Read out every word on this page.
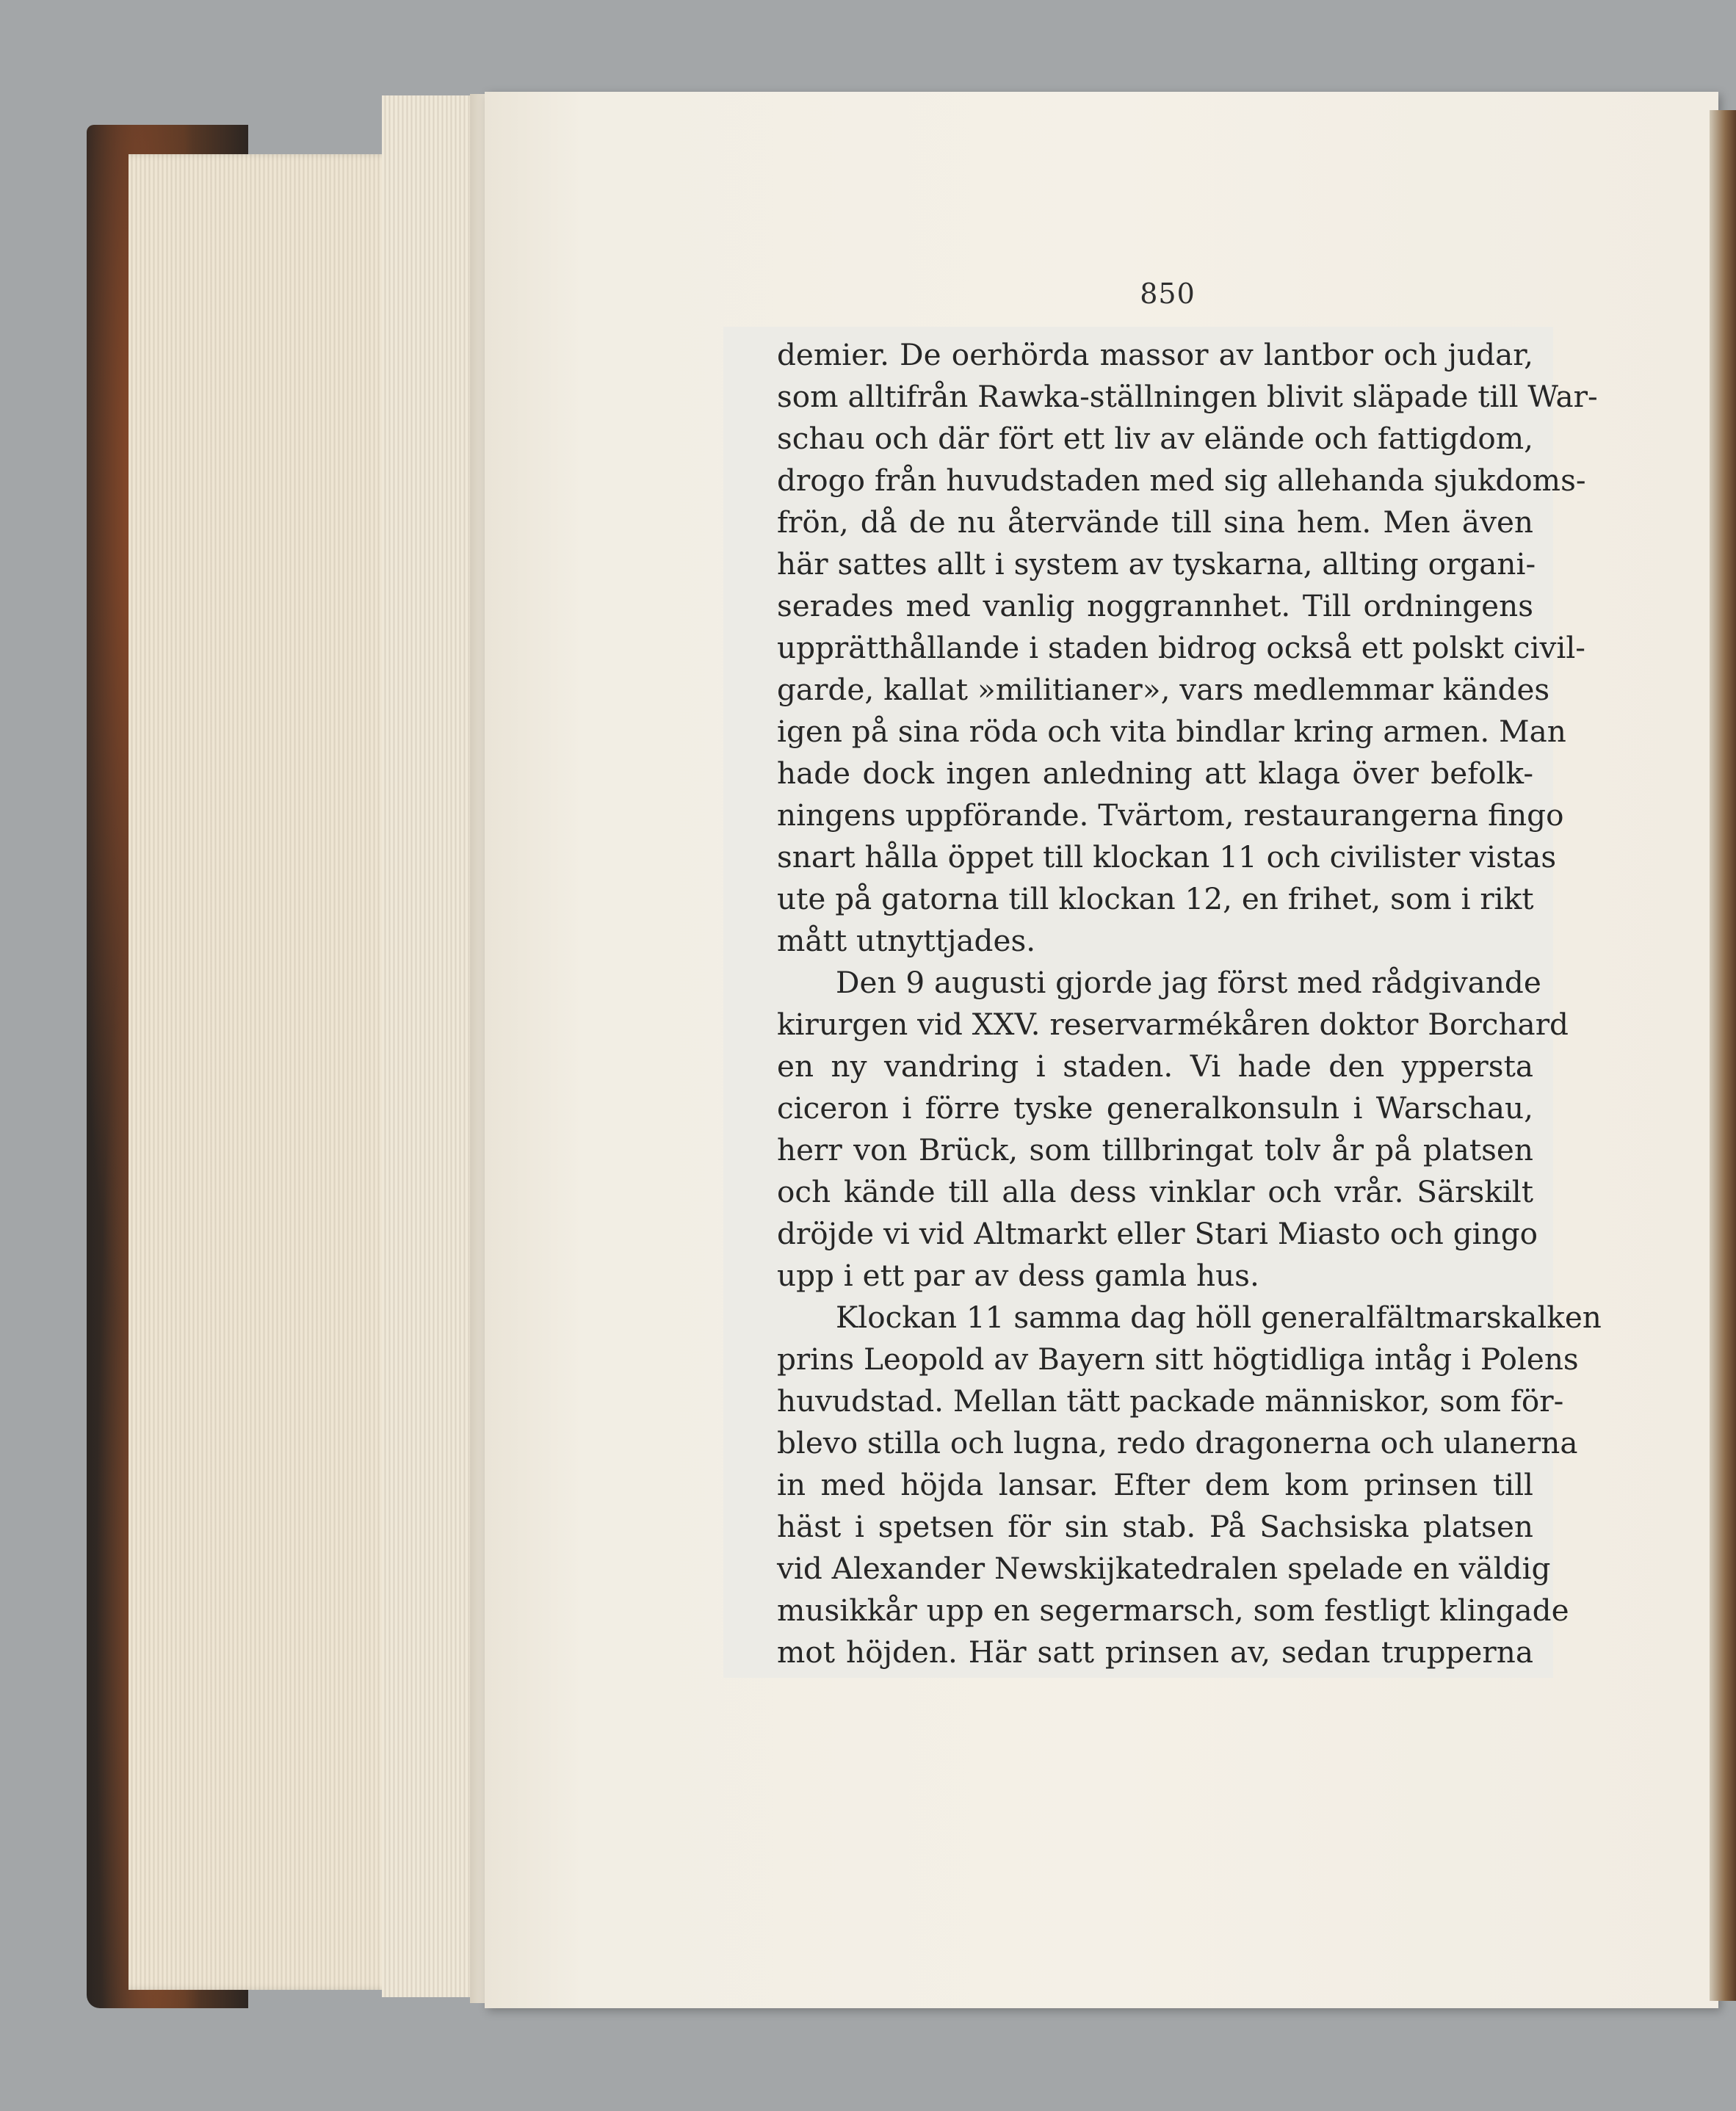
850
demier. De oerhörda massor av lantbor och judar,
som alltifrån Rawka-ställningen blivit släpade till War-
schau och där fört ett liv av elände och fattigdom,
drogo från huvudstaden med sig allehanda sjukdoms-
frön, då de nu återvände till sina hem. Men även
här sattes allt i system av tyskarna, allting organi-
serades med vanlig noggrannhet. Till ordningens
upprätthållande i staden bidrog också ett polskt civil-
garde, kallat »militianer», vars medlemmar kändes
igen på sina röda och vita bindlar kring armen. Man
hade dock ingen anledning att klaga över befolk-
ningens uppförande. Tvärtom, restaurangerna fingo
snart hålla öppet till klockan 11 och civilister vistas
ute på gatorna till klockan 12, en frihet, som i rikt
mått utnyttjades.
Den 9 augusti gjorde jag först med rådgivande
kirurgen vid XXV. reservarmékåren doktor Borchard
en ny vandring i staden. Vi hade den yppersta
ciceron i förre tyske generalkonsuln i Warschau,
herr von Brück, som tillbringat tolv år på platsen
och kände till alla dess vinklar och vrår. Särskilt
dröjde vi vid Altmarkt eller Stari Miasto och gingo
upp i ett par av dess gamla hus.
Klockan 11 samma dag höll generalfältmarskalken
prins Leopold av Bayern sitt högtidliga intåg i Polens
huvudstad. Mellan tätt packade människor, som för-
blevo stilla och lugna, redo dragonerna och ulanerna
in med höjda lansar. Efter dem kom prinsen till
häst i spetsen för sin stab. På Sachsiska platsen
vid Alexander Newskijkatedralen spelade en väldig
musikkår upp en segermarsch, som festligt klingade
mot höjden. Här satt prinsen av, sedan trupperna
